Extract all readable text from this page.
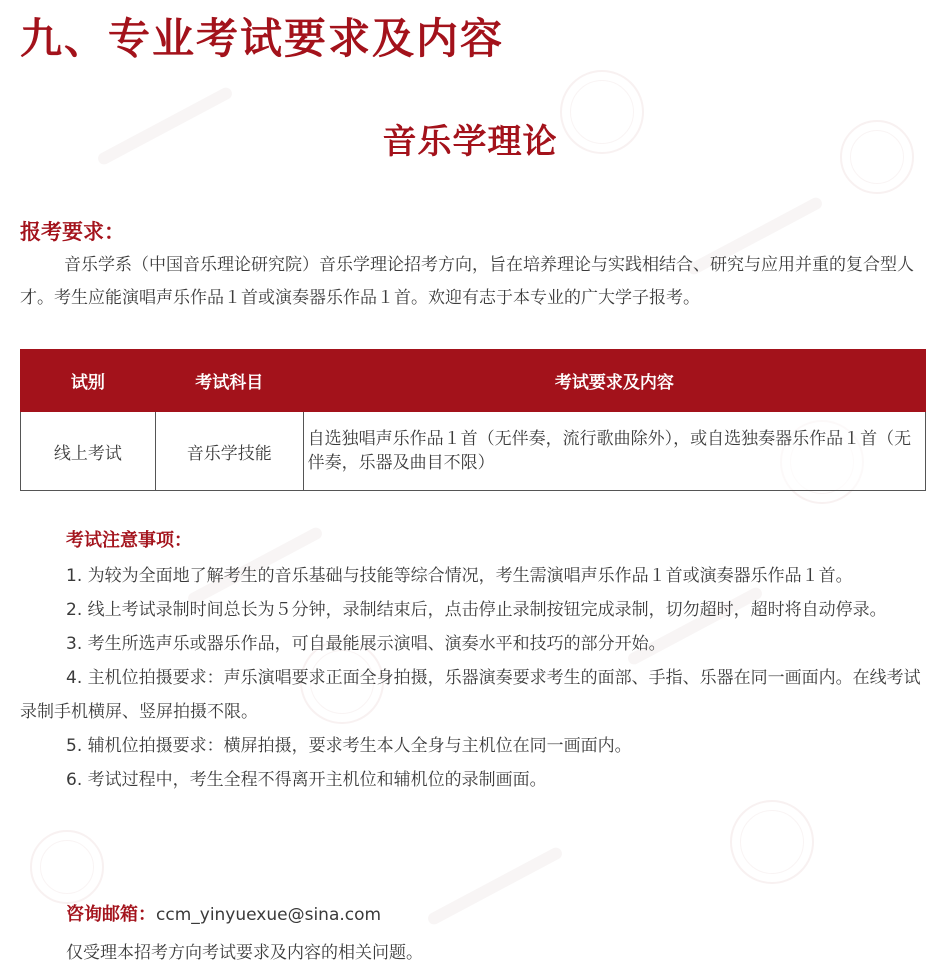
九、专业考试要求及内容
音乐学理论
报考要求：

音乐学系（中国音乐理论研究院）音乐学理论招考方向，旨在培养理论与实践相结合、研究与应用并重的复合型人才。考生应能演唱声乐作品１首或演奏器乐作品１首。欢迎有志于本专业的广大学子报考。

试别	考试科目	考试要求及内容
线上考试	音乐学技能	自选独唱声乐作品１首（无伴奏，流行歌曲除外），或自选独奏器乐作品１首（无伴奏，乐器及曲目不限）
考试注意事项：
1. 为较为全面地了解考生的音乐基础与技能等综合情况，考生需演唱声乐作品１首或演奏器乐作品１首。
2. 线上考试录制时间总长为５分钟，录制结束后，点击停止录制按钮完成录制，切勿超时，超时将自动停录。
3. 考生所选声乐或器乐作品，可自最能展示演唱、演奏水平和技巧的部分开始。
4. 主机位拍摄要求：声乐演唱要求正面全身拍摄，乐器演奏要求考生的面部、手指、乐器在同一画面内。在线考试录制手机横屏、竖屏拍摄不限。
5. 辅机位拍摄要求：横屏拍摄，要求考生本人全身与主机位在同一画面内。
6. 考试过程中，考生全程不得离开主机位和辅机位的录制画面。
咨询邮箱：ccm_yinyuexue@sina.com
仅受理本招考方向考试要求及内容的相关问题。
